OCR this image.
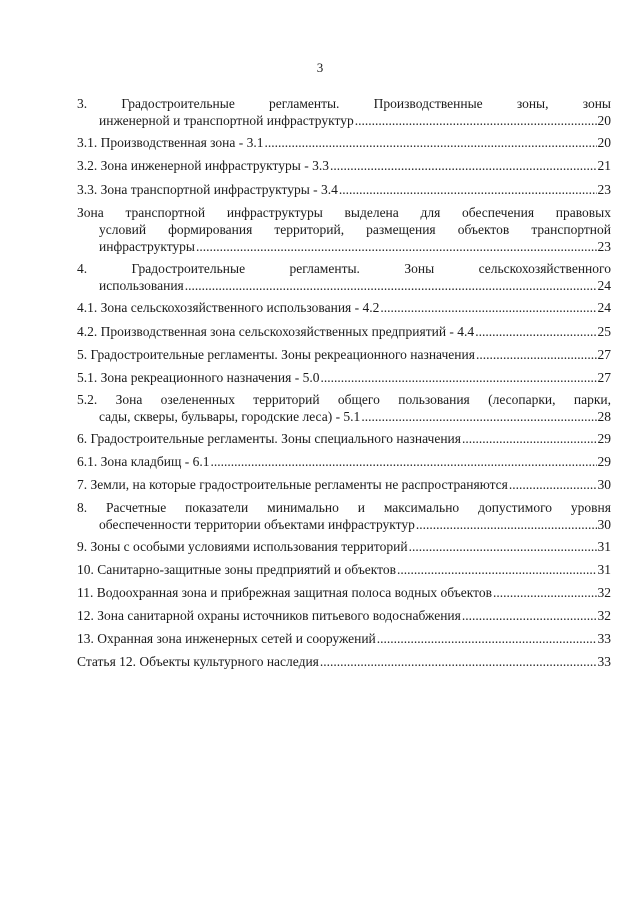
3
3. Градостроительные регламенты. Производственные зоны, зоны
инженерной и транспортной инфраструктур .....	20
3.1. Производственная зона - 3.1 .....	20
3.2. Зона инженерной инфраструктуры - 3.3 .....	21
3.3. Зона транспортной инфраструктуры - 3.4 .....	23
Зона транспортной инфраструктуры выделена для обеспечения правовых
условий формирования территорий, размещения объектов транспортной
инфраструктуры .....	23
4. Градостроительные регламенты. Зоны сельскохозяйственного
использования .....	24
4.1. Зона сельскохозяйственного использования - 4.2 .....	24
4.2. Производственная зона сельскохозяйственных предприятий - 4.4 .....	25
5. Градостроительные регламенты. Зоны рекреационного назначения .....	27
5.1. Зона рекреационного назначения - 5.0 .....	27
5.2. Зона озелененных территорий общего пользования (лесопарки, парки,
сады, скверы, бульвары, городские леса) - 5.1 .....	28
6. Градостроительные регламенты. Зоны специального назначения .....	29
6.1. Зона кладбищ - 6.1 .....	29
7. Земли, на которые градостроительные регламенты не распространяются .....	30
8. Расчетные показатели минимально и максимально допустимого уровня
обеспеченности территории объектами инфраструктур .....	30
9. Зоны с особыми условиями использования территорий .....	31
10. Санитарно-защитные зоны предприятий и объектов .....	31
11. Водоохранная зона и прибрежная защитная полоса водных объектов .....	32
12. Зона санитарной охраны источников питьевого водоснабжения .....	32
13. Охранная зона инженерных сетей и сооружений .....	33
Статья 12. Объекты культурного наследия .....	33
